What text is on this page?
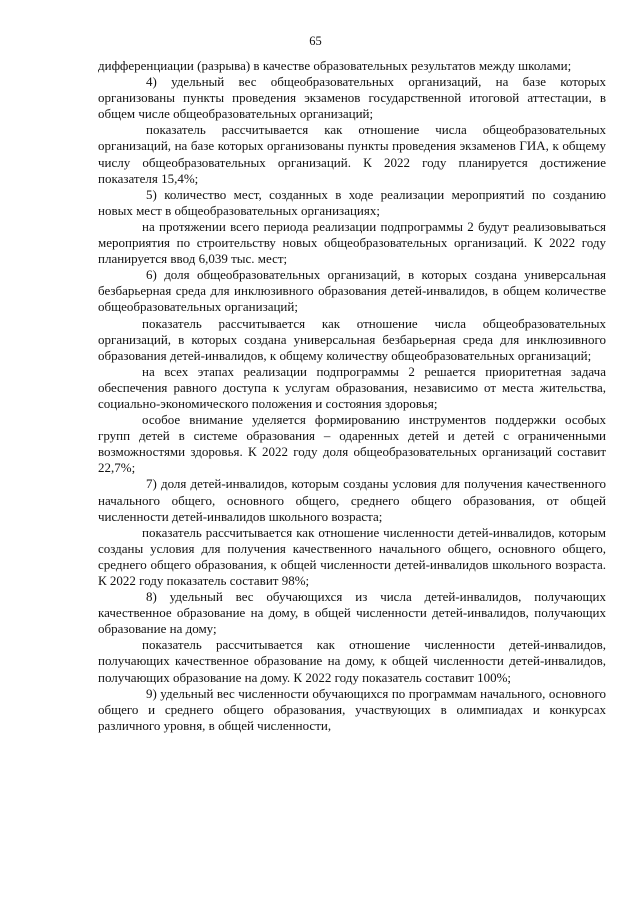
65

дифференциации (разрыва) в качестве образовательных результатов между школами;

4) удельный вес общеобразовательных организаций, на базе которых организованы пункты проведения экзаменов государственной итоговой аттестации, в общем числе общеобразовательных организаций;

показатель рассчитывается как отношение числа общеобразовательных организаций, на базе которых организованы пункты проведения экзаменов ГИА, к общему числу общеобразовательных организаций. К 2022 году планируется достижение показателя 15,4%;

5) количество мест, созданных в ходе реализации мероприятий по созданию новых мест в общеобразовательных организациях;

на протяжении всего периода реализации подпрограммы 2 будут реализовываться мероприятия по строительству новых общеобразовательных организаций. К 2022 году планируется ввод 6,039 тыс. мест;

6) доля общеобразовательных организаций, в которых создана универсальная безбарьерная среда для инклюзивного образования детей-инвалидов, в общем количестве общеобразовательных организаций;

показатель рассчитывается как отношение числа общеобразовательных организаций, в которых создана универсальная безбарьерная среда для инклюзивного образования детей-инвалидов, к общему количеству общеобразовательных организаций;

на всех этапах реализации подпрограммы 2 решается приоритетная задача обеспечения равного доступа к услугам образования, независимо от места жительства, социально-экономического положения и состояния здоровья;

особое внимание уделяется формированию инструментов поддержки особых групп детей в системе образования – одаренных детей и детей с ограниченными возможностями здоровья. К 2022 году доля общеобразовательных организаций составит 22,7%;

7) доля детей-инвалидов, которым созданы условия для получения качественного начального общего, основного общего, среднего общего образования, от общей численности детей-инвалидов школьного возраста;

показатель рассчитывается как отношение численности детей-инвалидов, которым созданы условия для получения качественного начального общего, основного общего, среднего общего образования, к общей численности детей-инвалидов школьного возраста. К 2022 году показатель составит 98%;

8) удельный вес обучающихся из числа детей-инвалидов, получающих качественное образование на дому, в общей численности детей-инвалидов, получающих образование на дому;

показатель рассчитывается как отношение численности детей-инвалидов, получающих качественное образование на дому, к общей численности детей-инвалидов, получающих образование на дому. К 2022 году показатель составит 100%;

9) удельный вес численности обучающихся по программам начального, основного общего и среднего общего образования, участвующих в олимпиадах и конкурсах различного уровня, в общей численности,
